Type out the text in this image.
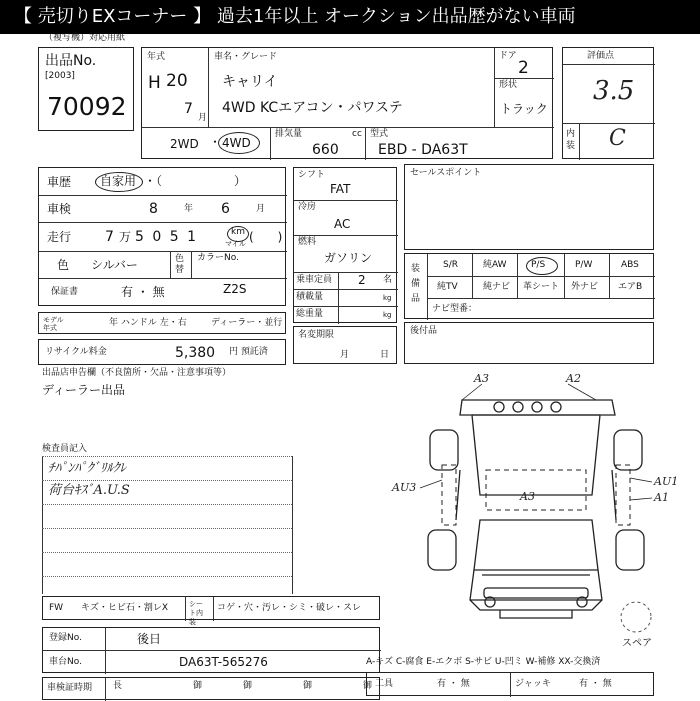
【 売切りEXコーナー 】 過去1年以上 オークション出品歴がない車両
（複写機）対応用紙
出品No.
[2003]
70092
年式
H 20
7
月
車名・グレード
キャリイ
4WD KCエアコン・パワステ
ドア
2
形状
トラック
2WD ・ 4WD
排気量	cc
660
型式
EBD - DA63T
評価点
3.5
内装 C
車歴 自家用 ・（　　　　　　）
車検	8	年 6	月
走行 7 万 5 0 5 1	km
マイル (　　)
色 シルバー	色替
カラーNo.
保証書	有 ・ 無	Z2S
モデル年式	年 ハンドル 左・右	ディーラー・並行
リサイクル料金	5,380 円 預託済
シフト
FAT
冷房
AC
燃料
ガソリン
乗車定員 2 名
積載量	kg
総重量	kg
名変期限
月	日
セールスポイント
装備品
S/R	純AW	P/S	P/W	ABS
純TV	純ナビ 革シート 外ナビ エアB
ナビ型番：
後付品
出品店申告欄（不良箇所・欠品・注意事項等）
ディーラー出品
検査員記入
ﾁﾊﾟﾝﾊﾟｸﾞﾘﾙｸﾚ
荷台ｷｽﾞA.U.S
FW キズ・ヒビ石・割レX	シート内装
コゲ・穴・汚レ・シミ・破レ・スレ
登録No.	後日
車台No.	DA63T-565276
車検証時期 長	御	御	御	御
A3	A2
AU3
A3
AU1
A1
スペア
A-キズ C-腐食 E-エクボ S-サビ U-凹ミ W-補修 XX-交換済
工具	有 ・ 無	ジャッキ	有 ・ 無
